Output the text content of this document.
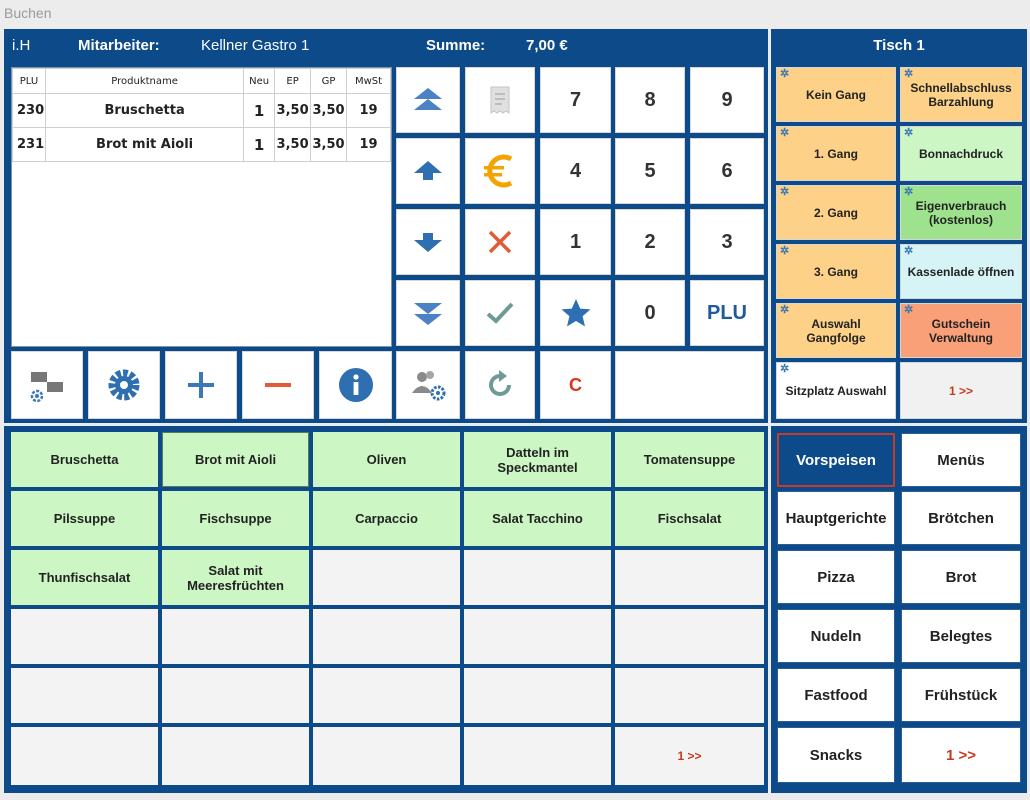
Buchen
i.H	Mitarbeiter:	Kellner Gastro 1	Summe:	7,00 €	Tisch 1
PLU	Produktname	Neu	EP	GP	MwSt
230	Bruschetta	1	3,50	3,50	19
231	Brot mit Aioli	1	3,50	3,50	19
7	8	9
4	5	6
1	2	3
0	PLU
C
✲
Kein Gang
✲
Schnellabschluss Barzahlung
✲
1. Gang
✲
Bonnachdruck
✲
2. Gang
✲
Eigenverbrauch (kostenlos)
✲
3. Gang
✲
Kassenlade öffnen
✲
Auswahl Gangfolge
✲
Gutschein Verwaltung
✲
Sitzplatz Auswahl	1 >>
Bruschetta	Brot mit Aioli	Oliven	Datteln im Speckmantel	Tomatensuppe
Pilssuppe	Fischsuppe	Carpaccio	Salat Tacchino	Fischsalat
Thunfischsalat	Salat mit Meeresfrüchten
1 >>
Vorspeisen	Menüs
Hauptgerichte	Brötchen
Pizza	Brot
Nudeln	Belegtes
Fastfood	Frühstück
Snacks	1 >>
